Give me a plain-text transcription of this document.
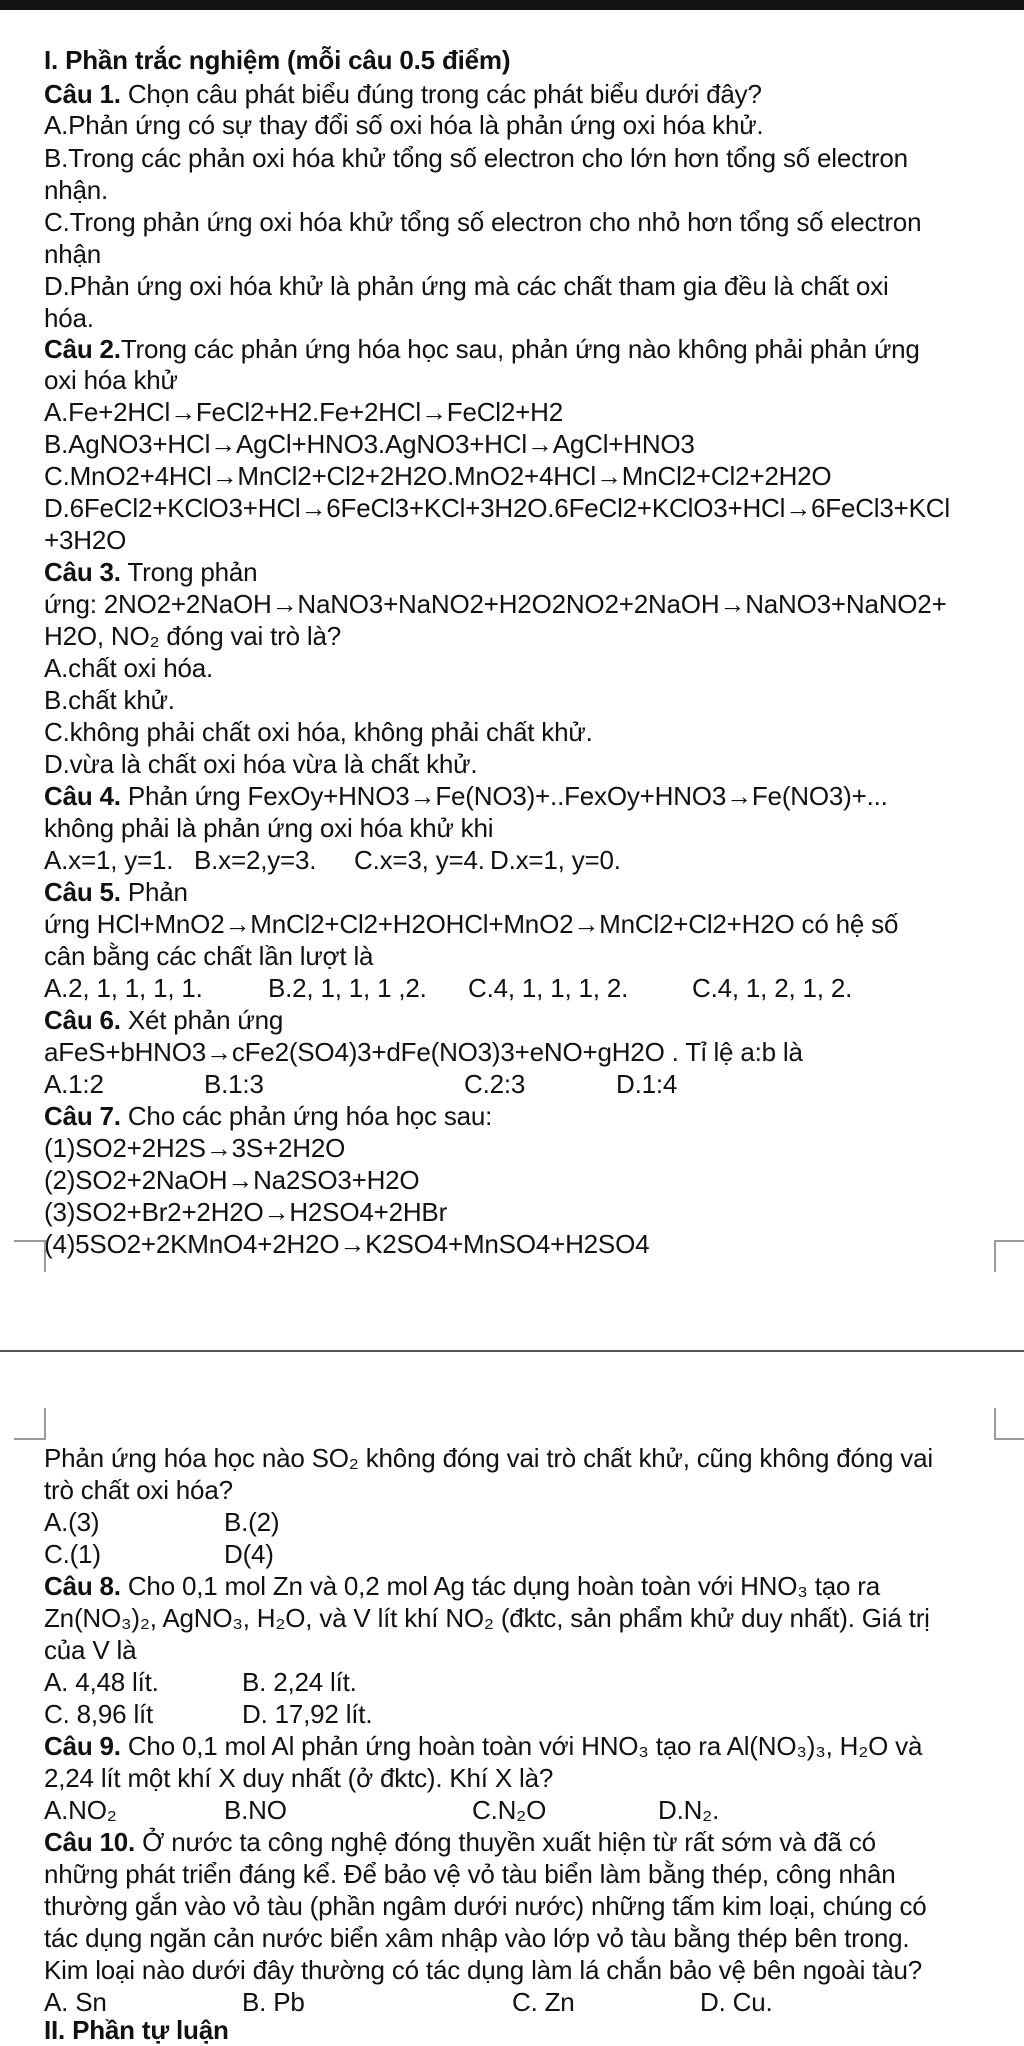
I. Phần trắc nghiệm (mỗi câu 0.5 điểm)
Câu 1. Chọn câu phát biểu đúng trong các phát biểu dưới đây?
A.Phản ứng có sự thay đổi số oxi hóa là phản ứng oxi hóa khử.
B.Trong các phản oxi hóa khử tổng số electron cho lớn hơn tổng số electron
nhận.
C.Trong phản ứng oxi hóa khử tổng số electron cho nhỏ hơn tổng số electron
nhận
D.Phản ứng oxi hóa khử là phản ứng mà các chất tham gia đều là chất oxi
hóa.
Câu 2.Trong các phản ứng hóa học sau, phản ứng nào không phải phản ứng
oxi hóa khử
A.Fe+2HCl→FeCl2+H2.Fe+2HCl→FeCl2+H2
B.AgNO3+HCl→AgCl+HNO3.AgNO3+HCl→AgCl+HNO3
C.MnO2+4HCl→MnCl2+Cl2+2H2O.MnO2+4HCl→MnCl2+Cl2+2H2O
D.6FeCl2+KClO3+HCl→6FeCl3+KCl+3H2O.6FeCl2+KClO3+HCl→6FeCl3+KCl
+3H2O
Câu 3. Trong phản
ứng: 2NO2+2NaOH→NaNO3+NaNO2+H2O2NO2+2NaOH→NaNO3+NaNO2+
H2O, NO₂ đóng vai trò là?
A.chất oxi hóa.
B.chất khử.
C.không phải chất oxi hóa, không phải chất khử.
D.vừa là chất oxi hóa vừa là chất khử.
Câu 4. Phản ứng FexOy+HNO3→Fe(NO3)+..FexOy+HNO3→Fe(NO3)+...
không phải là phản ứng oxi hóa khử khi
A.x=1, y=1. B.x=2,y=3. C.x=3, y=4. D.x=1, y=0.
Câu 5. Phản
ứng HCl+MnO2→MnCl2+Cl2+H2OHCl+MnO2→MnCl2+Cl2+H2O có hệ số
cân bằng các chất lần lượt là
A.2, 1, 1, 1, 1.	B.2, 1, 1, 1 ,2. C.4, 1, 1, 1, 2. C.4, 1, 2, 1, 2.
Câu 6. Xét phản ứng
aFeS+bHNO3→cFe2(SO4)3+dFe(NO3)3+eNO+gH2O . Tỉ lệ a:b là
A.1:2	B.1:3	C.2:3	D.1:4
Câu 7. Cho các phản ứng hóa học sau:
(1)SO2+2H2S→3S+2H2O
(2)SO2+2NaOH→Na2SO3+H2O
(3)SO2+Br2+2H2O→H2SO4+2HBr
(4)5SO2+2KMnO4+2H2O→K2SO4+MnSO4+H2SO4
Phản ứng hóa học nào SO₂ không đóng vai trò chất khử, cũng không đóng vai
trò chất oxi hóa?
A.(3)	B.(2)
C.(1)	D(4)
Câu 8. Cho 0,1 mol Zn và 0,2 mol Ag tác dụng hoàn toàn với HNO₃ tạo ra
Zn(NO₃)₂, AgNO₃, H₂O, và V lít khí NO₂ (đktc, sản phẩm khử duy nhất). Giá trị
của V là
A. 4,48 lít.	B. 2,24 lít.
C. 8,96 lít	D. 17,92 lít.
Câu 9. Cho 0,1 mol Al phản ứng hoàn toàn với HNO₃ tạo ra Al(NO₃)₃, H₂O và
2,24 lít một khí X duy nhất (ở đktc). Khí X là?
A.NO₂	B.NO	C.N₂O	D.N₂.
Câu 10. Ở nước ta công nghệ đóng thuyền xuất hiện từ rất sớm và đã có
những phát triển đáng kể. Để bảo vệ vỏ tàu biển làm bằng thép, công nhân
thường gắn vào vỏ tàu (phần ngâm dưới nước) những tấm kim loại, chúng có
tác dụng ngăn cản nước biển xâm nhập vào lớp vỏ tàu bằng thép bên trong.
Kim loại nào dưới đây thường có tác dụng làm lá chắn bảo vệ bên ngoài tàu?
A. Sn	B. Pb	C. Zn	D. Cu.
II. Phần tự luận
